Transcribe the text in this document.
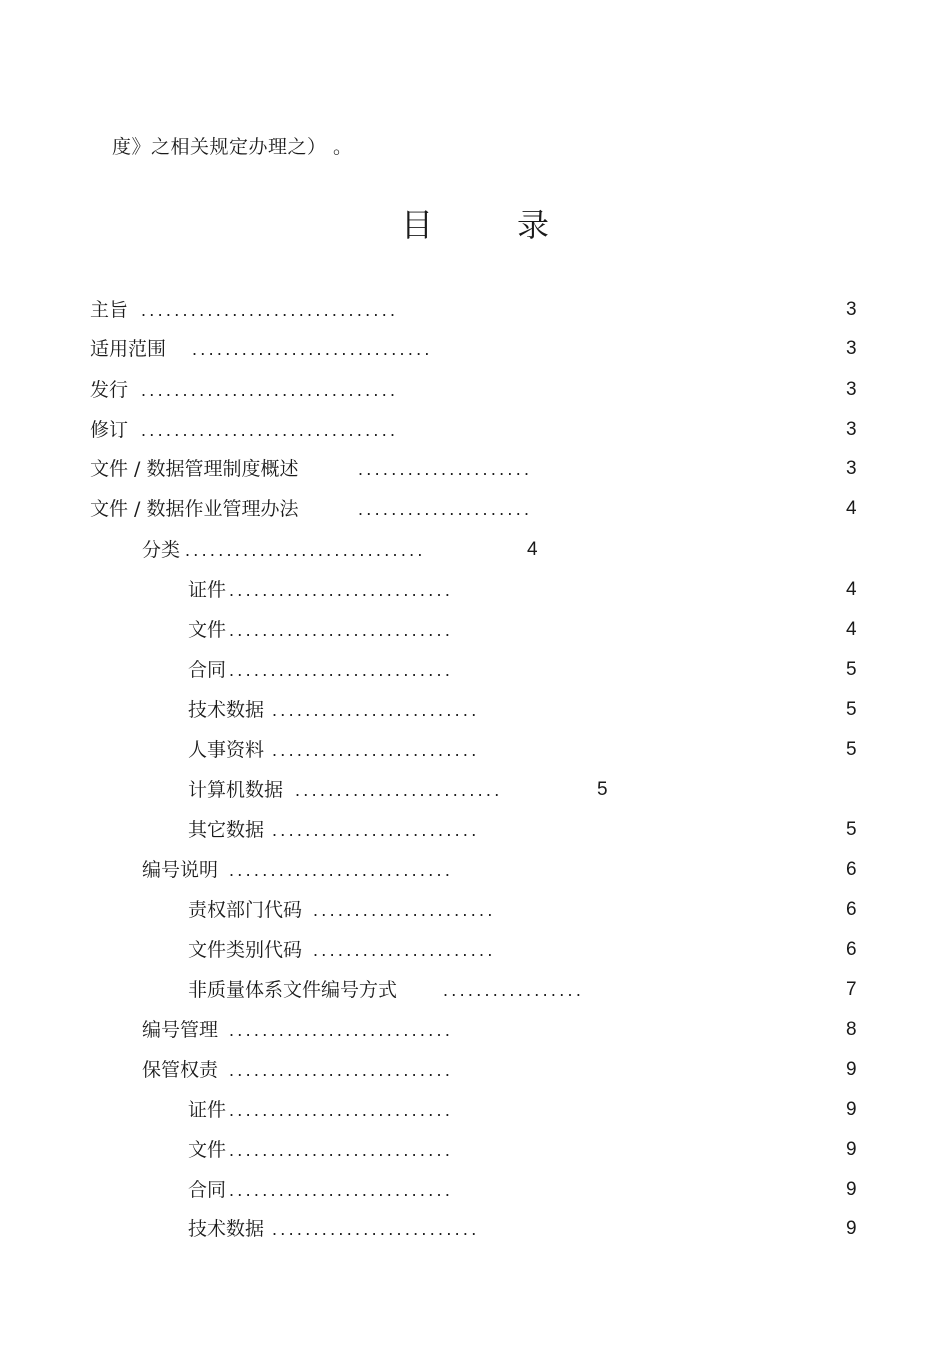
度》之相关规定办理之） 。
目	录
主旨 ...............................	3
适用范围 .............................	3
发行 ...............................	3
修订 ...............................	3
文件 / 数据管理制度概述	.....................	3
文件 / 数据作业管理办法	.....................	4
分类 .............................	4
证件 ...........................	4
文件 ...........................	4
合同 ...........................	5
技术数据 .........................	5
人事资料 .........................	5
计算机数据 .........................	5
其它数据 .........................	5
编号说明 ...........................	6
责权部门代码 ......................	6
文件类别代码 ......................	6
非质量体系文件编号方式	.................	7
编号管理 ...........................	8
保管权责 ...........................	9
证件 ...........................	9
文件 ...........................	9
合同 ...........................	9
技术数据 .........................	9
